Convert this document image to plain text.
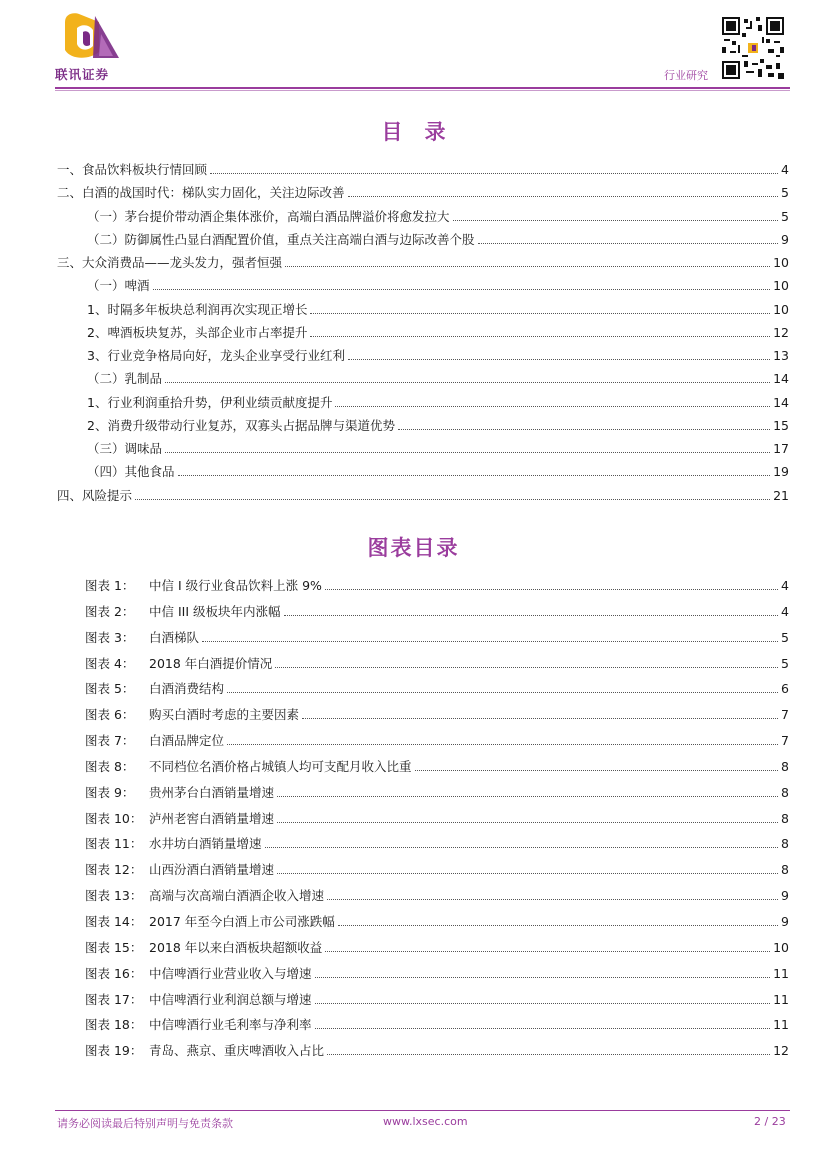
联讯证券	行业研究
目录
一、食品饮料板块行情回顾	4
二、白酒的战国时代：梯队实力固化，关注边际改善	5
（一）茅台提价带动酒企集体涨价，高端白酒品牌溢价将愈发拉大	5
（二）防御属性凸显白酒配置价值，重点关注高端白酒与边际改善个股	9
三、大众消费品——龙头发力，强者恒强	10
（一）啤酒	10
1、时隔多年板块总利润再次实现正增长	10
2、啤酒板块复苏，头部企业市占率提升	12
3、行业竞争格局向好，龙头企业享受行业红利	13
（二）乳制品	14
1、行业利润重拾升势，伊利业绩贡献度提升	14
2、消费升级带动行业复苏，双寡头占据品牌与渠道优势	15
（三）调味品	17
（四）其他食品	19
四、风险提示	21
图表目录
图表 1：	中信 I 级行业食品饮料上涨 9%	4
图表 2：	中信 III 级板块年内涨幅	4
图表 3：	白酒梯队	5
图表 4：	2018 年白酒提价情况	5
图表 5：	白酒消费结构	6
图表 6：	购买白酒时考虑的主要因素	7
图表 7：	白酒品牌定位	7
图表 8：	不同档位名酒价格占城镇人均可支配月收入比重	8
图表 9：	贵州茅台白酒销量增速	8
图表 10： 泸州老窖白酒销量增速	8
图表 11： 水井坊白酒销量增速	8
图表 12： 山西汾酒白酒销量增速	8
图表 13： 高端与次高端白酒酒企收入增速	9
图表 14： 2017 年至今白酒上市公司涨跌幅	9
图表 15： 2018 年以来白酒板块超额收益	10
图表 16： 中信啤酒行业营业收入与增速	11
图表 17： 中信啤酒行业利润总额与增速	11
图表 18： 中信啤酒行业毛利率与净利率	11
图表 19： 青岛、燕京、重庆啤酒收入占比	12
请务必阅读最后特别声明与免责条款	www.lxsec.com	2 / 23
